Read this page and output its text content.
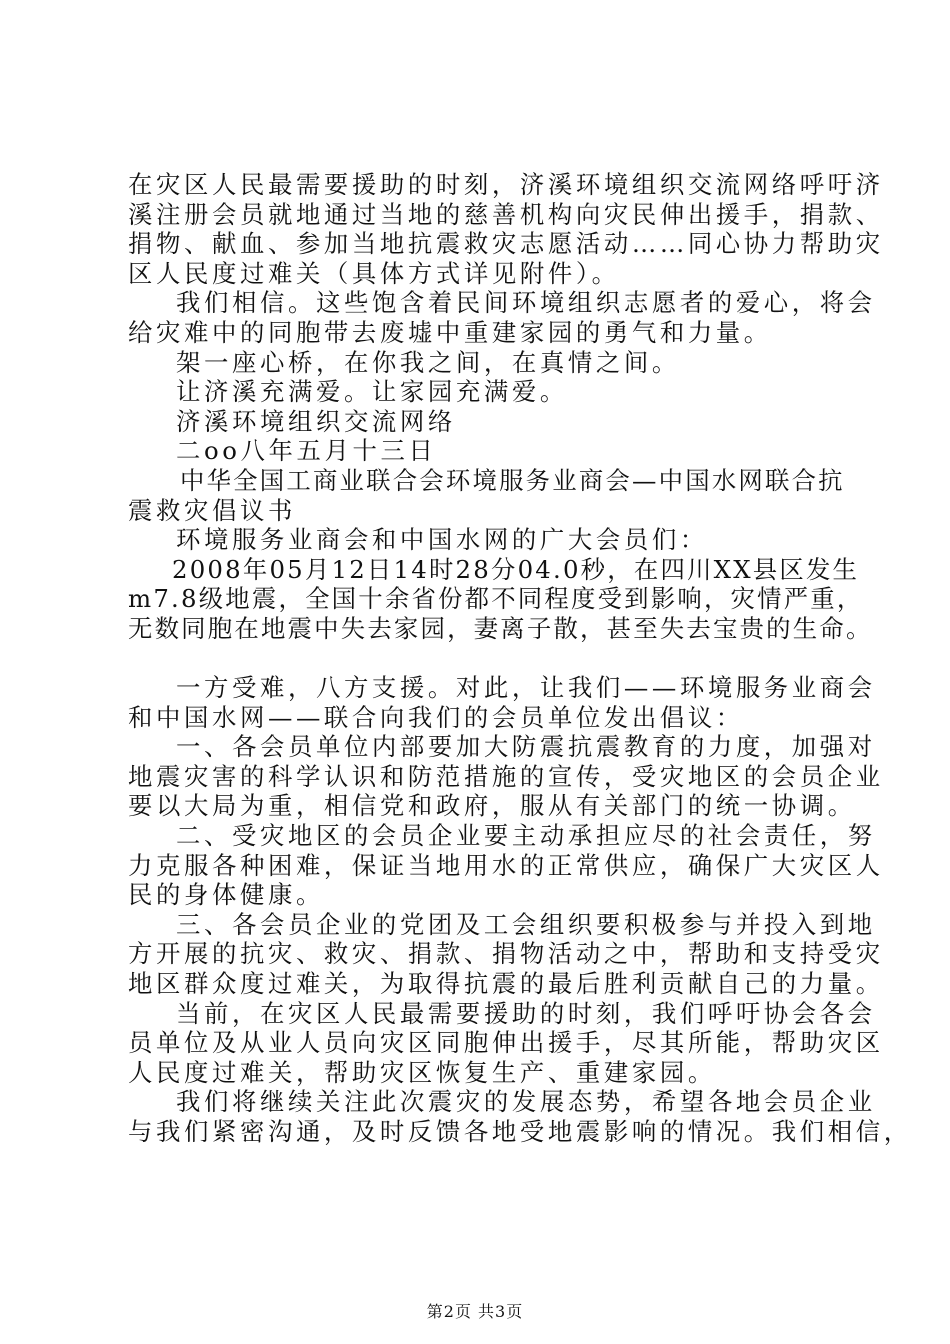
在灾区人民最需要援助的时刻，济溪环境组织交流网络呼吁济
溪注册会员就地通过当地的慈善机构向灾民伸出援手，捐款、
捐物、献血、参加当地抗震救灾志愿活动……同心协力帮助灾
区人民度过难关（具体方式详见附件）。
我们相信。这些饱含着民间环境组织志愿者的爱心，将会
给灾难中的同胞带去废墟中重建家园的勇气和力量。
架一座心桥，在你我之间，在真情之间。
让济溪充满爱。让家园充满爱。
济溪环境组织交流网络
二oo八年五月十三日
中华全国工商业联合会环境服务业商会—中国水网联合抗
震救灾倡议书
环境服务业商会和中国水网的广大会员们：
2008年05月12日14时28分04.0秒，在四川XX县区发生
m7.8级地震，全国十余省份都不同程度受到影响，灾情严重，
无数同胞在地震中失去家园，妻离子散，甚至失去宝贵的生命。
一方受难，八方支援。对此，让我们——环境服务业商会
和中国水网——联合向我们的会员单位发出倡议：
一、各会员单位内部要加大防震抗震教育的力度，加强对
地震灾害的科学认识和防范措施的宣传，受灾地区的会员企业
要以大局为重，相信党和政府，服从有关部门的统一协调。
二、受灾地区的会员企业要主动承担应尽的社会责任，努
力克服各种困难，保证当地用水的正常供应，确保广大灾区人
民的身体健康。
三、各会员企业的党团及工会组织要积极参与并投入到地
方开展的抗灾、救灾、捐款、捐物活动之中，帮助和支持受灾
地区群众度过难关，为取得抗震的最后胜利贡献自己的力量。
当前，在灾区人民最需要援助的时刻，我们呼吁协会各会
员单位及从业人员向灾区同胞伸出援手，尽其所能，帮助灾区
人民度过难关，帮助灾区恢复生产、重建家园。
我们将继续关注此次震灾的发展态势，希望各地会员企业
与我们紧密沟通，及时反馈各地受地震影响的情况。我们相信，
第2页 共3页
